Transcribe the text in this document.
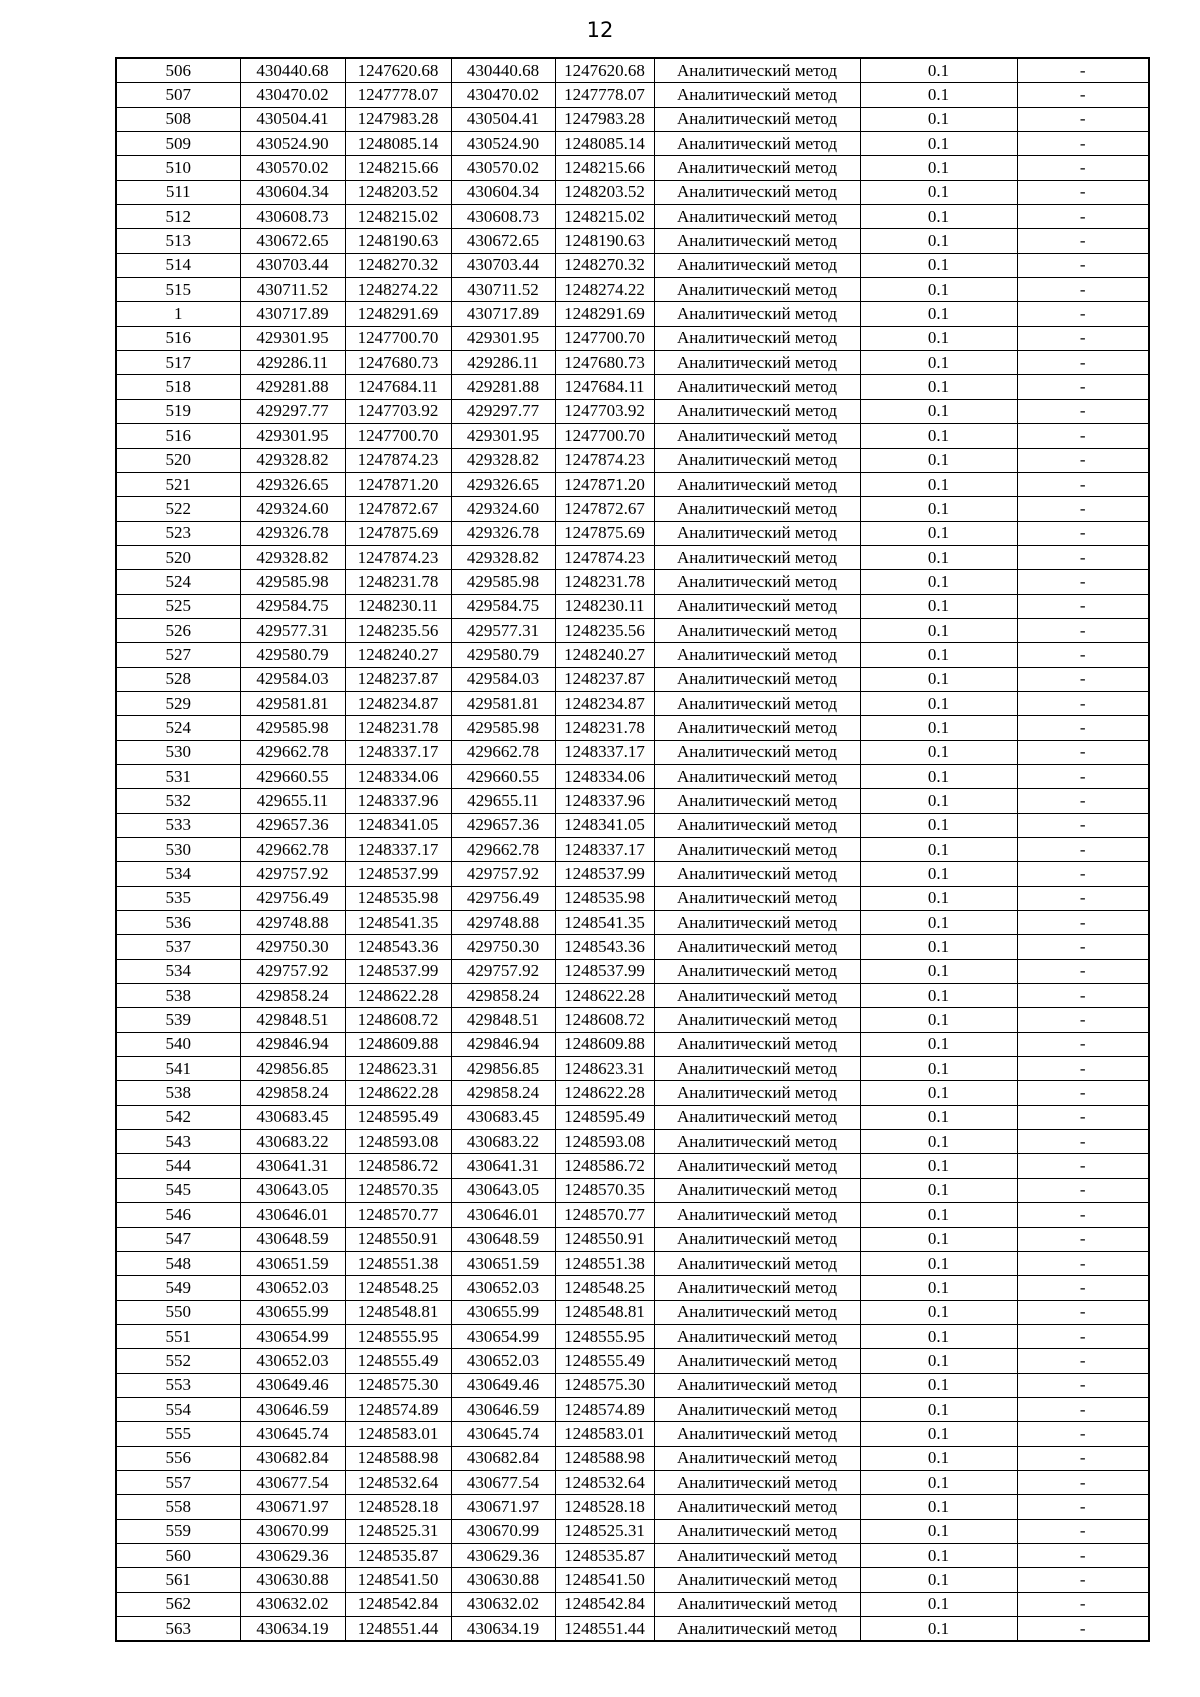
12
506	430440.68	1247620.68	430440.68	1247620.68	Аналитический метод	0.1	-
507	430470.02	1247778.07	430470.02	1247778.07	Аналитический метод	0.1	-
508	430504.41	1247983.28	430504.41	1247983.28	Аналитический метод	0.1	-
509	430524.90	1248085.14	430524.90	1248085.14	Аналитический метод	0.1	-
510	430570.02	1248215.66	430570.02	1248215.66	Аналитический метод	0.1	-
511	430604.34	1248203.52	430604.34	1248203.52	Аналитический метод	0.1	-
512	430608.73	1248215.02	430608.73	1248215.02	Аналитический метод	0.1	-
513	430672.65	1248190.63	430672.65	1248190.63	Аналитический метод	0.1	-
514	430703.44	1248270.32	430703.44	1248270.32	Аналитический метод	0.1	-
515	430711.52	1248274.22	430711.52	1248274.22	Аналитический метод	0.1	-
1	430717.89	1248291.69	430717.89	1248291.69	Аналитический метод	0.1	-
516	429301.95	1247700.70	429301.95	1247700.70	Аналитический метод	0.1	-
517	429286.11	1247680.73	429286.11	1247680.73	Аналитический метод	0.1	-
518	429281.88	1247684.11	429281.88	1247684.11	Аналитический метод	0.1	-
519	429297.77	1247703.92	429297.77	1247703.92	Аналитический метод	0.1	-
516	429301.95	1247700.70	429301.95	1247700.70	Аналитический метод	0.1	-
520	429328.82	1247874.23	429328.82	1247874.23	Аналитический метод	0.1	-
521	429326.65	1247871.20	429326.65	1247871.20	Аналитический метод	0.1	-
522	429324.60	1247872.67	429324.60	1247872.67	Аналитический метод	0.1	-
523	429326.78	1247875.69	429326.78	1247875.69	Аналитический метод	0.1	-
520	429328.82	1247874.23	429328.82	1247874.23	Аналитический метод	0.1	-
524	429585.98	1248231.78	429585.98	1248231.78	Аналитический метод	0.1	-
525	429584.75	1248230.11	429584.75	1248230.11	Аналитический метод	0.1	-
526	429577.31	1248235.56	429577.31	1248235.56	Аналитический метод	0.1	-
527	429580.79	1248240.27	429580.79	1248240.27	Аналитический метод	0.1	-
528	429584.03	1248237.87	429584.03	1248237.87	Аналитический метод	0.1	-
529	429581.81	1248234.87	429581.81	1248234.87	Аналитический метод	0.1	-
524	429585.98	1248231.78	429585.98	1248231.78	Аналитический метод	0.1	-
530	429662.78	1248337.17	429662.78	1248337.17	Аналитический метод	0.1	-
531	429660.55	1248334.06	429660.55	1248334.06	Аналитический метод	0.1	-
532	429655.11	1248337.96	429655.11	1248337.96	Аналитический метод	0.1	-
533	429657.36	1248341.05	429657.36	1248341.05	Аналитический метод	0.1	-
530	429662.78	1248337.17	429662.78	1248337.17	Аналитический метод	0.1	-
534	429757.92	1248537.99	429757.92	1248537.99	Аналитический метод	0.1	-
535	429756.49	1248535.98	429756.49	1248535.98	Аналитический метод	0.1	-
536	429748.88	1248541.35	429748.88	1248541.35	Аналитический метод	0.1	-
537	429750.30	1248543.36	429750.30	1248543.36	Аналитический метод	0.1	-
534	429757.92	1248537.99	429757.92	1248537.99	Аналитический метод	0.1	-
538	429858.24	1248622.28	429858.24	1248622.28	Аналитический метод	0.1	-
539	429848.51	1248608.72	429848.51	1248608.72	Аналитический метод	0.1	-
540	429846.94	1248609.88	429846.94	1248609.88	Аналитический метод	0.1	-
541	429856.85	1248623.31	429856.85	1248623.31	Аналитический метод	0.1	-
538	429858.24	1248622.28	429858.24	1248622.28	Аналитический метод	0.1	-
542	430683.45	1248595.49	430683.45	1248595.49	Аналитический метод	0.1	-
543	430683.22	1248593.08	430683.22	1248593.08	Аналитический метод	0.1	-
544	430641.31	1248586.72	430641.31	1248586.72	Аналитический метод	0.1	-
545	430643.05	1248570.35	430643.05	1248570.35	Аналитический метод	0.1	-
546	430646.01	1248570.77	430646.01	1248570.77	Аналитический метод	0.1	-
547	430648.59	1248550.91	430648.59	1248550.91	Аналитический метод	0.1	-
548	430651.59	1248551.38	430651.59	1248551.38	Аналитический метод	0.1	-
549	430652.03	1248548.25	430652.03	1248548.25	Аналитический метод	0.1	-
550	430655.99	1248548.81	430655.99	1248548.81	Аналитический метод	0.1	-
551	430654.99	1248555.95	430654.99	1248555.95	Аналитический метод	0.1	-
552	430652.03	1248555.49	430652.03	1248555.49	Аналитический метод	0.1	-
553	430649.46	1248575.30	430649.46	1248575.30	Аналитический метод	0.1	-
554	430646.59	1248574.89	430646.59	1248574.89	Аналитический метод	0.1	-
555	430645.74	1248583.01	430645.74	1248583.01	Аналитический метод	0.1	-
556	430682.84	1248588.98	430682.84	1248588.98	Аналитический метод	0.1	-
557	430677.54	1248532.64	430677.54	1248532.64	Аналитический метод	0.1	-
558	430671.97	1248528.18	430671.97	1248528.18	Аналитический метод	0.1	-
559	430670.99	1248525.31	430670.99	1248525.31	Аналитический метод	0.1	-
560	430629.36	1248535.87	430629.36	1248535.87	Аналитический метод	0.1	-
561	430630.88	1248541.50	430630.88	1248541.50	Аналитический метод	0.1	-
562	430632.02	1248542.84	430632.02	1248542.84	Аналитический метод	0.1	-
563	430634.19	1248551.44	430634.19	1248551.44	Аналитический метод	0.1	-
